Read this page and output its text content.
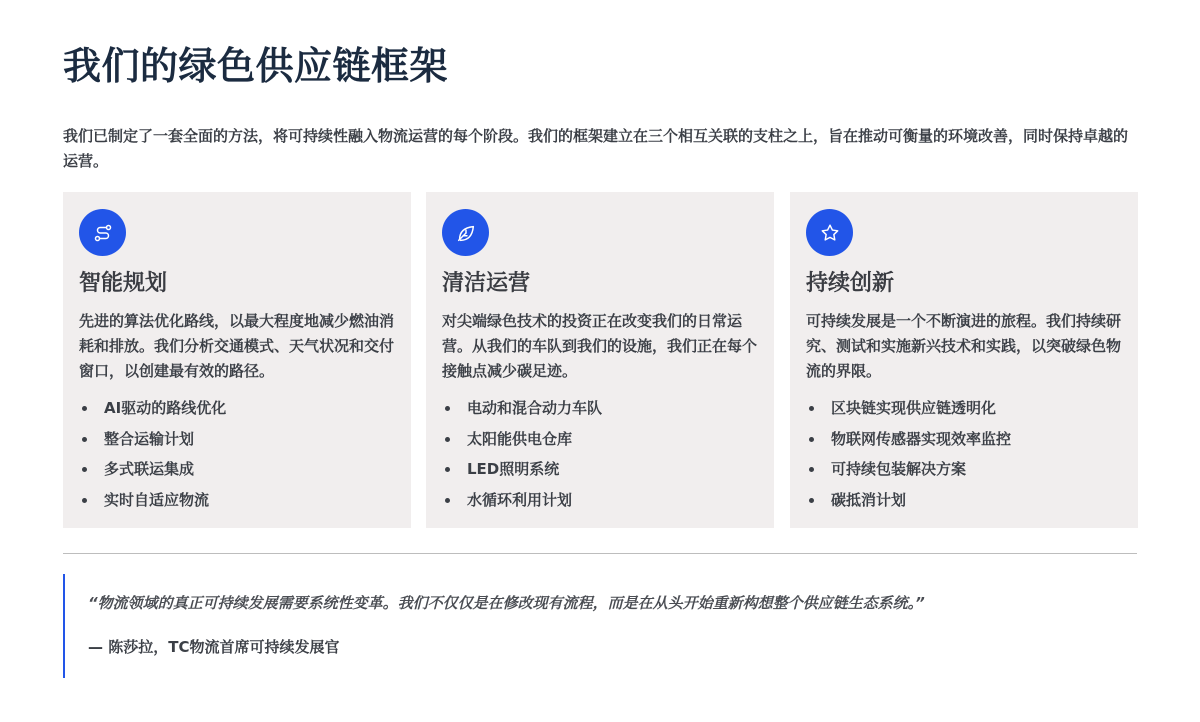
我们的绿色供应链框架

我们已制定了一套全面的方法，将可持续性融入物流运营的每个阶段。我们的框架建立在三个相互关联的支柱之上，旨在推动可衡量的环境改善，同时保持卓越的运营。

智能规划

先进的算法优化路线，以最大程度地减少燃油消耗和排放。我们分析交通模式、天气状况和交付窗口，以创建最有效的路径。

AI驱动的路线优化
整合运输计划
多式联运集成
实时自适应物流
清洁运营

对尖端绿色技术的投资正在改变我们的日常运营。从我们的车队到我们的设施，我们正在每个接触点减少碳足迹。

电动和混合动力车队
太阳能供电仓库
LED照明系统
水循环利用计划
持续创新

可持续发展是一个不断演进的旅程。我们持续研究、测试和实施新兴技术和实践，以突破绿色物流的界限。

区块链实现供应链透明化
物联网传感器实现效率监控
可持续包装解决方案
碳抵消计划

“物流领域的真正可持续发展需要系统性变革。我们不仅仅是在修改现有流程，而是在从头开始重新构想整个供应链生态系统。”

— 陈莎拉，TC物流首席可持续发展官
